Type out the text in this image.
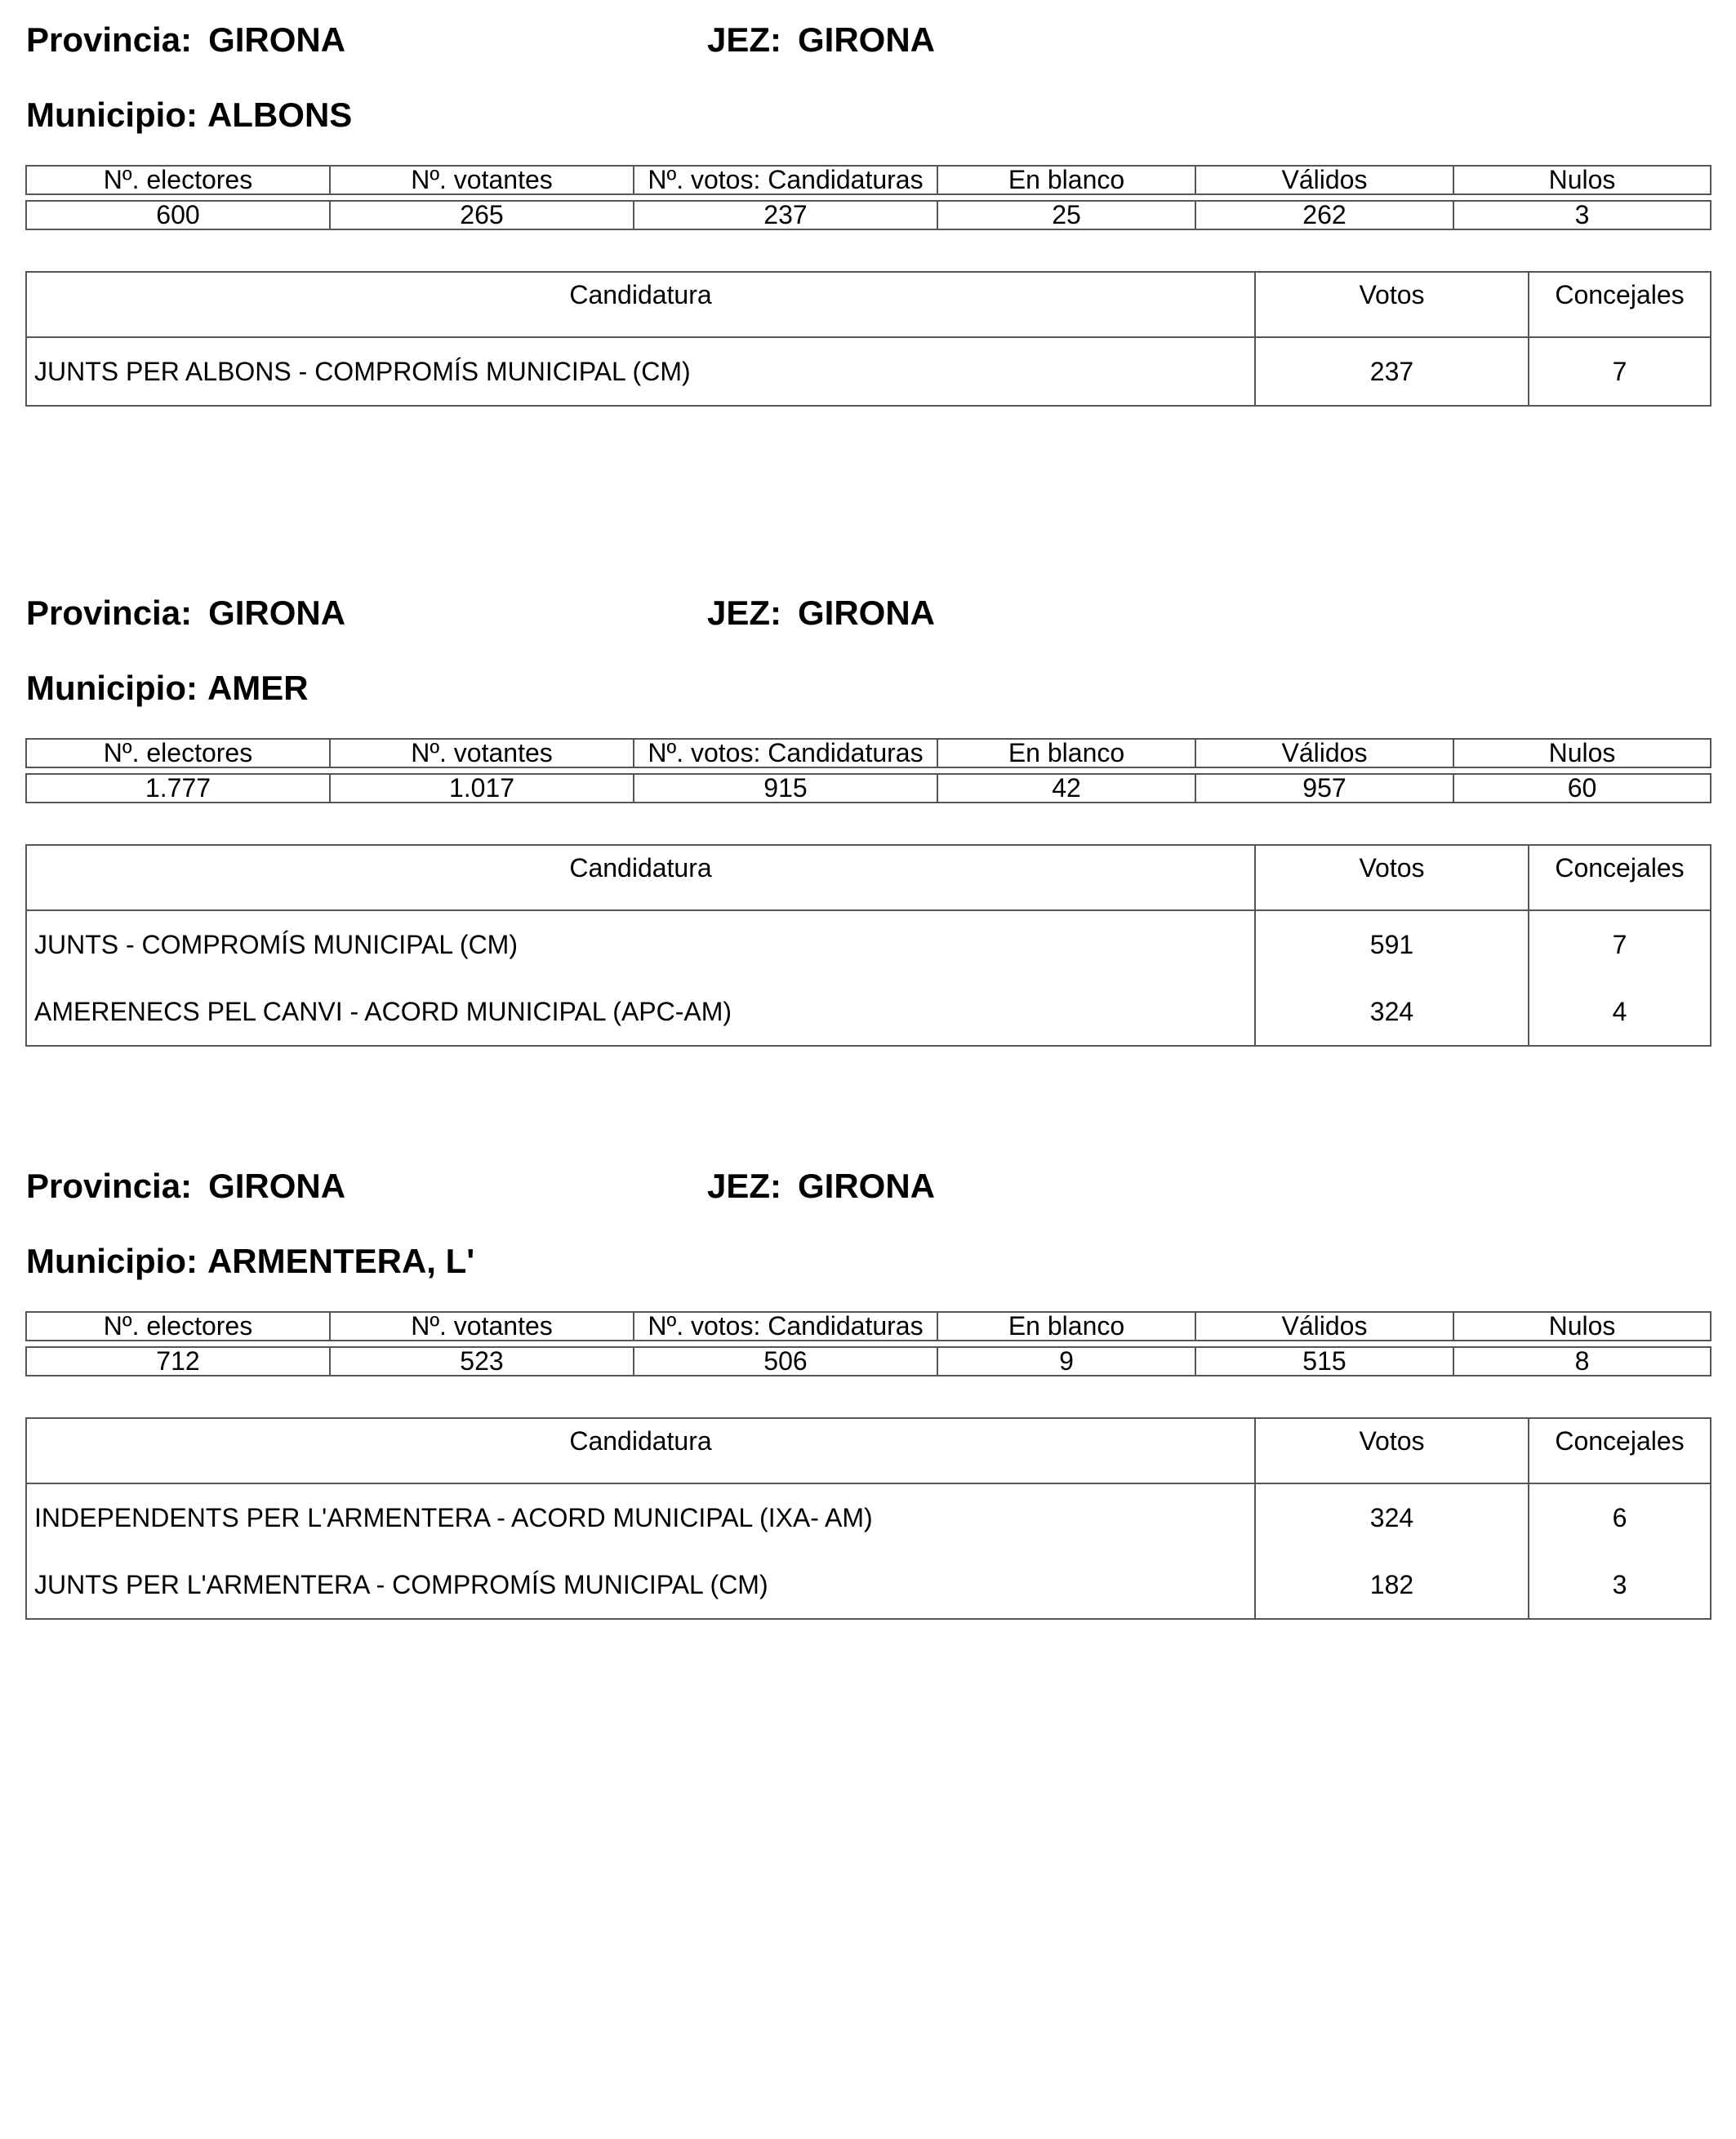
Provincia: GIRONA	JEZ: GIRONA
Municipio: ALBONS
Nº. electores	Nº. votantes	Nº. votos: Candidaturas	En blanco	Válidos	Nulos

600	265	237	25	262	3
Candidatura	Votos	Concejales
JUNTS PER ALBONS - COMPROMÍS MUNICIPAL (CM)	237	7
Provincia: GIRONA	JEZ: GIRONA
Municipio: AMER
Nº. electores	Nº. votantes	Nº. votos: Candidaturas	En blanco	Válidos	Nulos

1.777	1.017	915	42	957	60
Candidatura	Votos	Concejales
JUNTS - COMPROMÍS MUNICIPAL (CM)	591	7
AMERENECS PEL CANVI - ACORD MUNICIPAL (APC-AM)	324	4
Provincia: GIRONA	JEZ: GIRONA
Municipio: ARMENTERA, L'
Nº. electores	Nº. votantes	Nº. votos: Candidaturas	En blanco	Válidos	Nulos

712	523	506	9	515	8
Candidatura	Votos	Concejales
INDEPENDENTS PER L'ARMENTERA - ACORD MUNICIPAL (IXA- AM)	324	6
JUNTS PER L'ARMENTERA - COMPROMÍS MUNICIPAL (CM)	182	3
